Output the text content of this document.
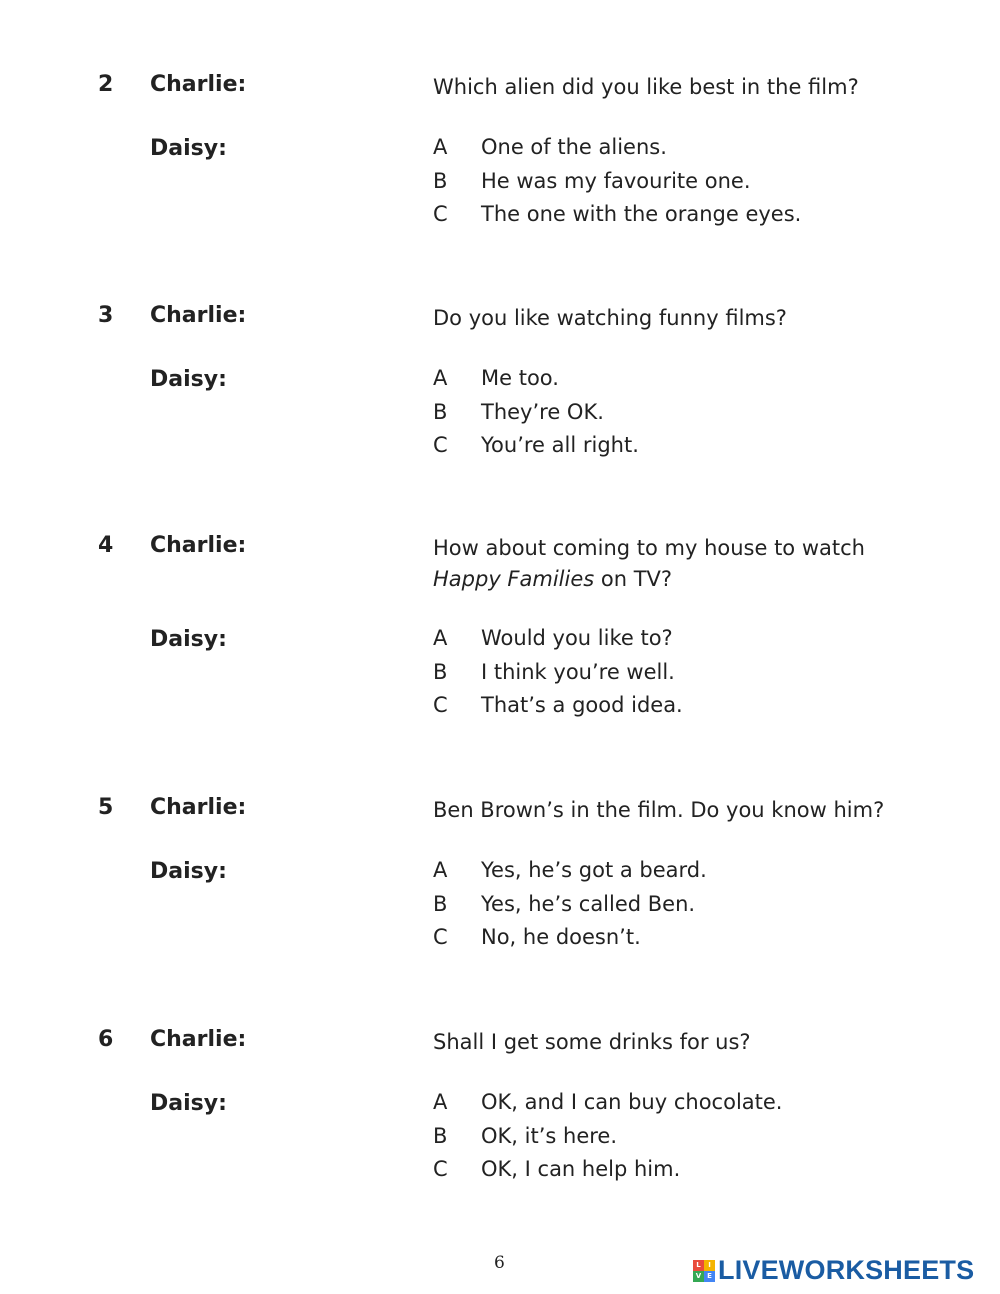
2 Charlie:	Which alien did you like best in the film?
Daisy:	A One of the aliens.
B He was my favourite one.
C The one with the orange eyes.
3 Charlie:	Do you like watching funny films?
Daisy:	A Me too.
B They’re OK.
C You’re all right.
4 Charlie:	How about coming to my house to watch
Happy Families on TV?
Daisy:	A Would you like to?
B I think you’re well.
C That’s a good idea.
5 Charlie:	Ben Brown’s in the film. Do you know him?
Daisy:	A Yes, he’s got a beard.
B Yes, he’s called Ben.
C No, he doesn’t.
6 Charlie:	Shall I get some drinks for us?
Daisy:	A OK, and I can buy chocolate.
B OK, it’s here.
C OK, I can help him.
6	L	I
V E LIVEWORKSHEETS
